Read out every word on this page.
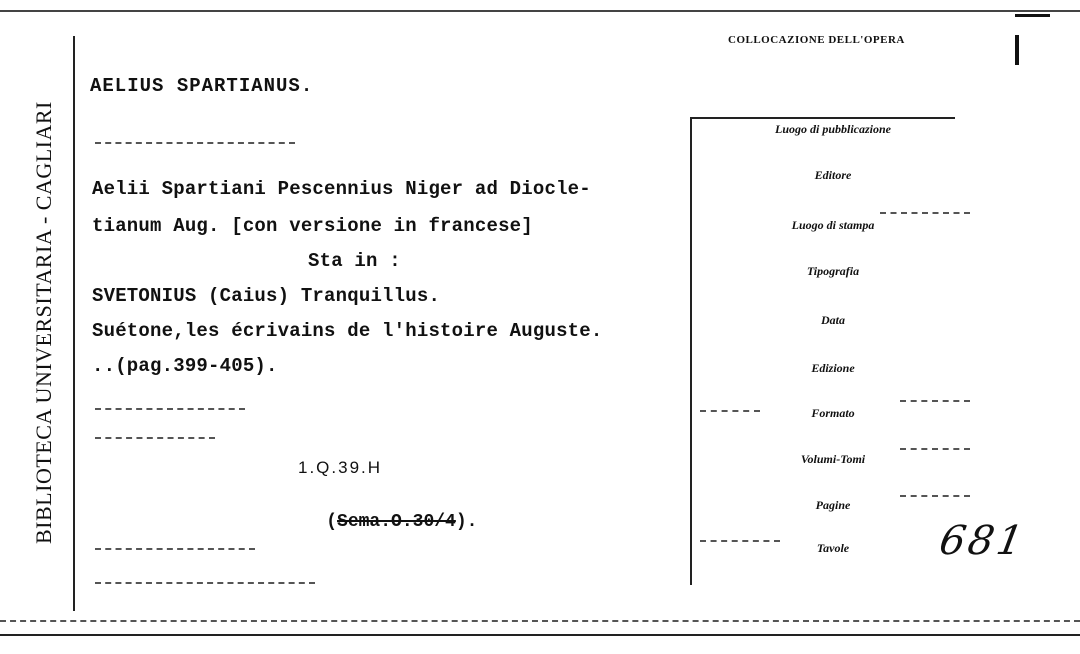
BIBLIOTECA UNIVERSITARIA - CAGLIARI
COLLOCAZIONE DELL'OPERA
AELIUS SPARTIANUS.
Aelii Spartiani Pescennius Niger ad Diocle-
tianum Aug. [con versione in francese]
Sta in :
SVETONIUS (Caius) Tranquillus.
Suétone,les écrivains de l'histoire Auguste.
..(pag.399-405).
1.Q.39.H

(Sema.O.30/4).

Luogo di pubblicazione
Editore
Luogo di stampa
Tipografia
Data
Edizione
Formato
Volumi-Tomi
Pagine
Tavole	681
